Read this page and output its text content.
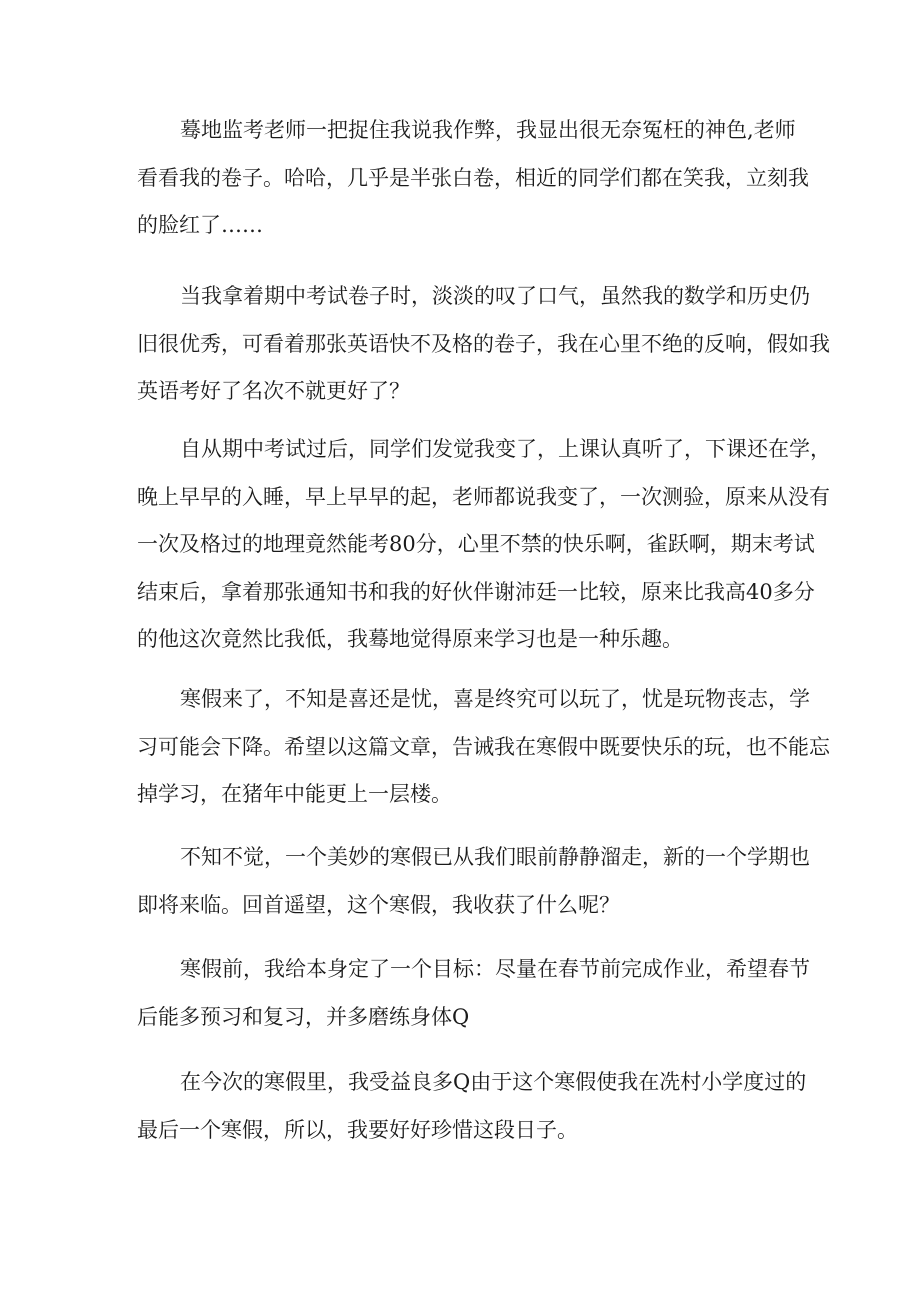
蓦地监考老师一把捉住我说我作弊，我显出很无奈冤枉的神色,老师
看看我的卷子。哈哈，几乎是半张白卷，相近的同学们都在笑我，立刻我
的脸红了……
当我拿着期中考试卷子时，淡淡的叹了口气，虽然我的数学和历史仍
旧很优秀，可看着那张英语快不及格的卷子，我在心里不绝的反响，假如我
英语考好了名次不就更好了？
自从期中考试过后，同学们发觉我变了，上课认真听了，下课还在学，
晚上早早的入睡，早上早早的起，老师都说我变了，一次测验，原来从没有
一次及格过的地理竟然能考80分，心里不禁的快乐啊，雀跃啊，期末考试
结束后，拿着那张通知书和我的好伙伴谢沛廷一比较，原来比我高40多分
的他这次竟然比我低，我蓦地觉得原来学习也是一种乐趣。
寒假来了，不知是喜还是忧，喜是终究可以玩了，忧是玩物丧志，学
习可能会下降。希望以这篇文章，告诫我在寒假中既要快乐的玩，也不能忘
掉学习，在猪年中能更上一层楼。
不知不觉，一个美妙的寒假已从我们眼前静静溜走，新的一个学期也
即将来临。回首遥望，这个寒假，我收获了什么呢？
寒假前，我给本身定了一个目标：尽量在春节前完成作业，希望春节
后能多预习和复习，并多磨练身体Q
在今次的寒假里，我受益良多Q由于这个寒假使我在冼村小学度过的
最后一个寒假，所以，我要好好珍惜这段日子。
